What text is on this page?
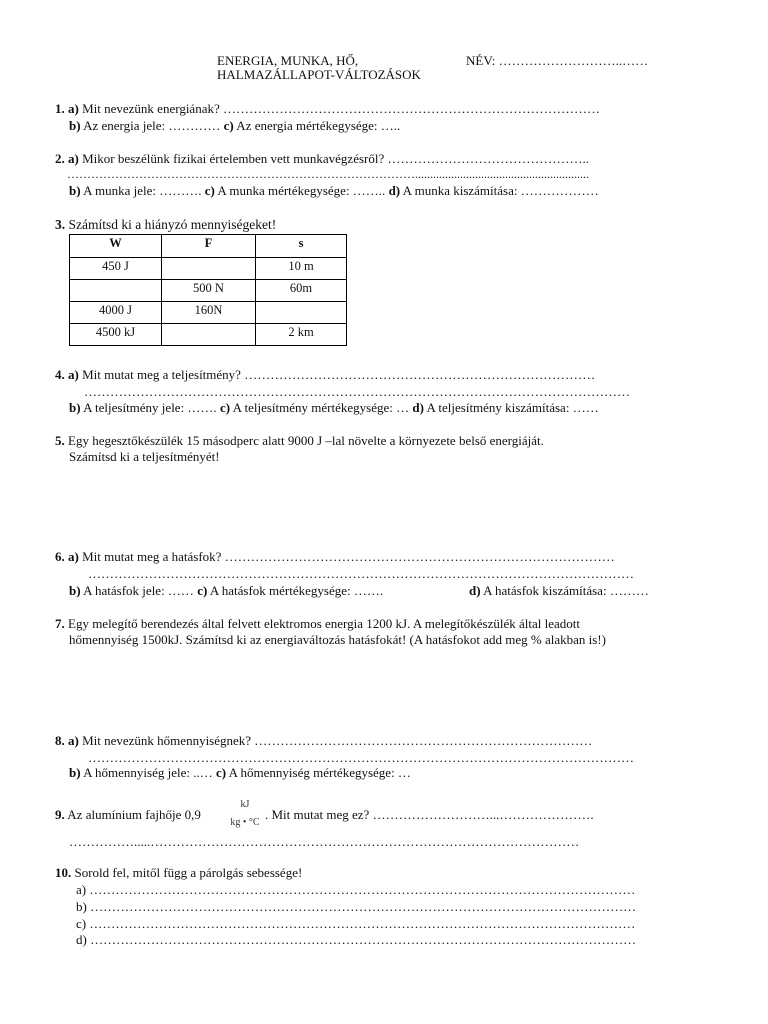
ENERGIA, MUNKA, HŐ,
HALMAZÁLLAPOT-VÁLTOZÁSOK
NÉV: ………………………..……
1. a) Mit nevezünk energiának? ……………………………………………………………………………
b) Az energia jele: ………… c) Az energia mértékegysége: …..
2. a) Mikor beszélünk fizikai értelemben vett munkavégzésről? ………………………………………..
……………………………………………………………………………..........................................................
b) A munka jele: ………. c) A munka mértékegysége: …….. d) A munka kiszámítása: ………………
3. Számítsd ki a hiányzó mennyiségeket!
W	F	s
450 J		10 m
	500 N	60m
4000 J	160N	
4500 kJ		2 km
4. a) Mit mutat meg a teljesítmény? ………………………………………………………………………
………………………………………………………………………………………………………………
b) A teljesítmény jele: ……. c) A teljesítmény mértékegysége: … d) A teljesítmény kiszámítása: ……
5. Egy hegesztőkészülék 15 másodperc alatt 9000 J –lal növelte a környezete belső energiáját.
Számítsd ki a teljesítményét!
6. a) Mit mutat meg a hatásfok? ………………………………………………………………………………
………………………………………………………………………………………………………………
b) A hatásfok jele: …… c) A hatásfok mértékegysége: …….	d) A hatásfok kiszámítása: ………
7. Egy melegítő berendezés által felvett elektromos energia 1200 kJ. A melegítőkészülék által leadott
hőmennyiség 1500kJ. Számítsd ki az energiaváltozás hatásfokát! (A hatásfokot add meg % alakban is!)
8. a) Mit nevezünk hőmennyiségnek? ……………………………………………………………………
………………………………………………………………………………………………………………
b) A hőmennyiség jele: ..… c) A hőmennyiség mértékegysége: …
9. Az alumínium fajhője 0,9
kJ
kg • °C
. Mit mutat meg ez? ………………………...………………….
…………….....………………………………………………………………………………………
10. Sorold fel, mitől függ a párolgás sebessége!
a) ………………………………………………………………………………………………………………
b) ………………………………………………………………………………………………………………
c) ………………………………………………………………………………………………………………
d) ………………………………………………………………………………………………………………
